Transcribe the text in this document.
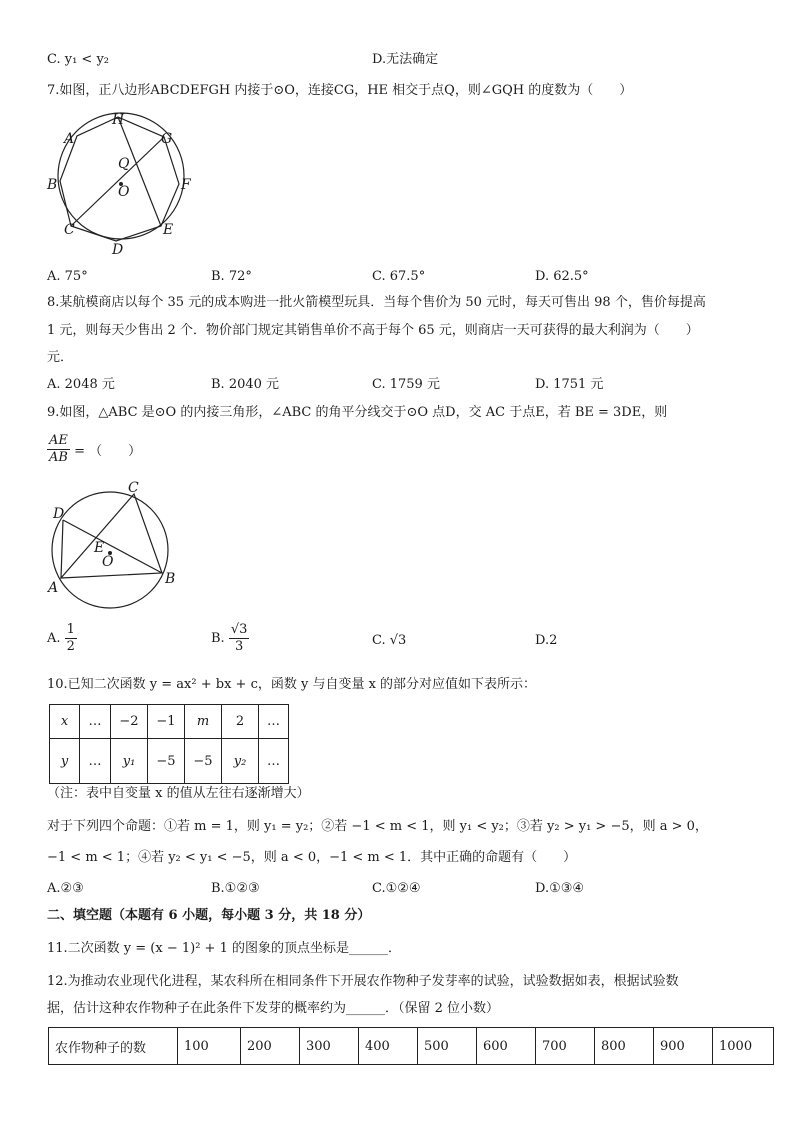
C. y₁ < y₂	D.无法确定
7.如图，正八边形ABCDEFGH 内接于⊙O，连接CG，HE 相交于点Q，则∠GQH 的度数为（　　）
H
G
F
E
D
C
B
A
Q
O
A. 75°	B. 72°	C. 67.5°	D. 62.5°
8.某航模商店以每个 35 元的成本购进一批火箭模型玩具．当每个售价为 50 元时，每天可售出 98 个，售价每提高
1 元，则每天少售出 2 个．物价部门规定其销售单价不高于每个 65 元，则商店一天可获得的最大利润为（　　）
元．
A. 2048 元	B. 2040 元	C. 1759 元	D. 1751 元
9.如图，△ABC 是⊙O 的内接三角形，∠ABC 的角平分线交于⊙O 点D，交 AC 于点E，若 BE = 3DE，则
$\frac{AE}{AB}$ = （　　）
C
D
E
O
B
A
A. $\frac{1}{2}$	B. $\frac{√3}{3}$	C. √3	D.2
10.已知二次函数 y = ax² + bx + c，函数 y 与自变量 x 的部分对应值如下表所示：
x	…	−2	−1	m	2	…
y	…	y₁	−5	−5	y₂	…
（注：表中自变量 x 的值从左往右逐渐增大）
对于下列四个命题：①若 m = 1，则 y₁ = y₂；②若 −1 < m < 1，则 y₁ < y₂；③若 y₂ > y₁ > −5，则 a > 0，
−1 < m < 1；④若 y₂ < y₁ < −5，则 a < 0，−1 < m < 1．其中正确的命题有（　　）
A.②③	B.①②③	C.①②④	D.①③④
二、填空题（本题有 6 小题，每小题 3 分，共 18 分）
11.二次函数 y = (x − 1)² + 1 的图象的顶点坐标是______．
12.为推动农业现代化进程，某农科所在相同条件下开展农作物种子发芽率的试验，试验数据如表，根据试验数
据，估计这种农作物种子在此条件下发芽的概率约为______．（保留 2 位小数）
农作物种子的数	100	200	300	400	500	600	700	800	900	1000
